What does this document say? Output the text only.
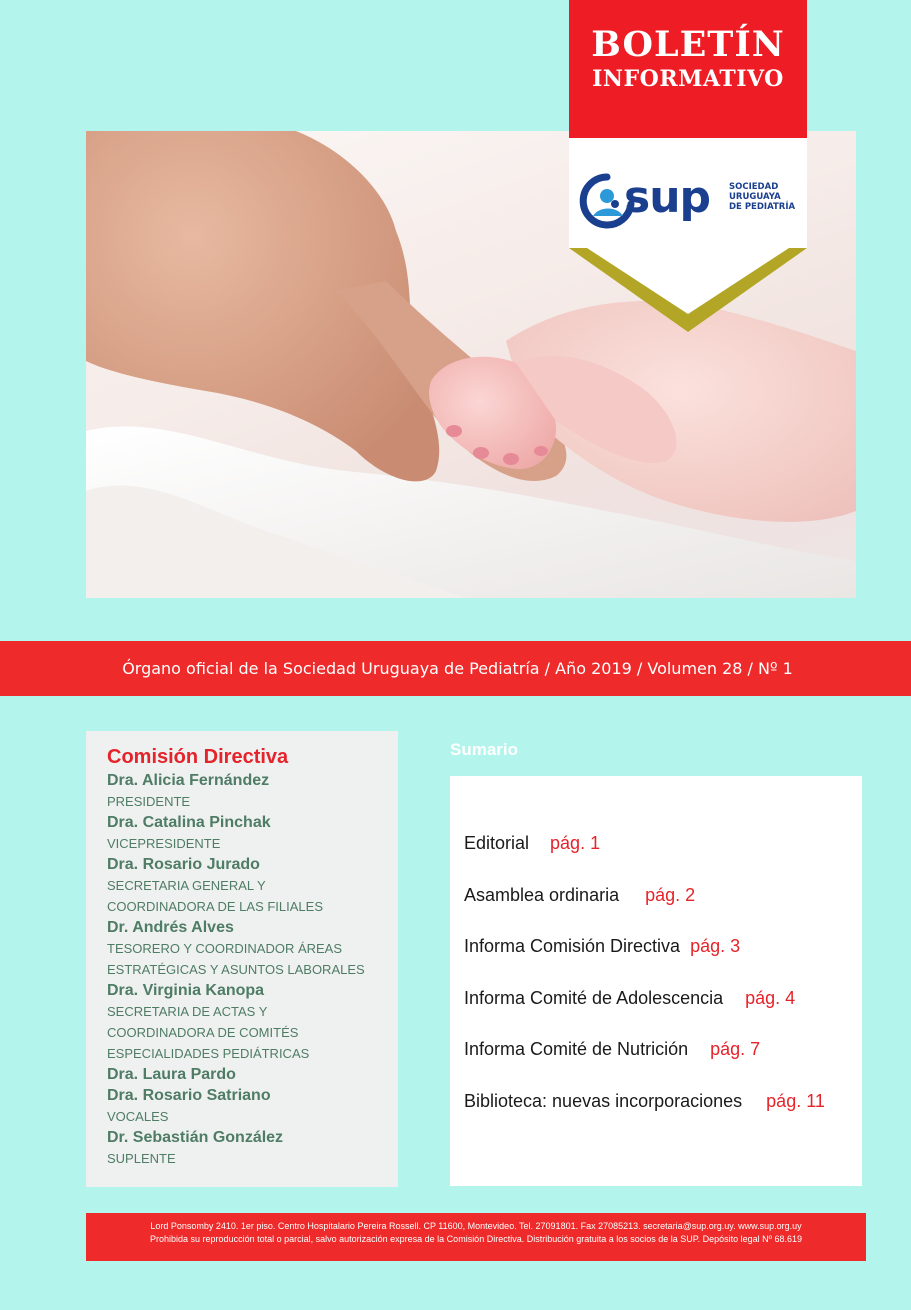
BOLETÍN
INFORMATIVO
sup SOCIEDAD
URUGUAYA
DE PEDIATRÍA
Órgano oficial de la Sociedad Uruguaya de Pediatría / Año 2019 / Volumen 28 / Nº 1
Comisión Directiva
Dra. Alicia Fernández
PRESIDENTE
Dra. Catalina Pinchak
VICEPRESIDENTE
Dra. Rosario Jurado
SECRETARIA GENERAL Y
COORDINADORA DE LAS FILIALES
Dr. Andrés Alves
TESORERO Y COORDINADOR ÁREAS
ESTRATÉGICAS Y ASUNTOS LABORALES
Dra. Virginia Kanopa
SECRETARIA DE ACTAS Y
COORDINADORA DE COMITÉS
ESPECIALIDADES PEDIÁTRICAS
Dra. Laura Pardo
Dra. Rosario Satriano
VOCALES
Dr. Sebastián González
SUPLENTE
Sumario
Editorial pág. 1
Asamblea ordinaria pág. 2
Informa Comisión Directiva pág. 3
Informa Comité de Adolescencia pág. 4
Informa Comité de Nutrición pág. 7
Biblioteca: nuevas incorporaciones pág. 11
Lord Ponsomby 2410. 1er piso. Centro Hospitalario Pereira Rossell. CP 11600, Montevideo. Tel. 27091801. Fax 27085213. secretaria@sup.org.uy. www.sup.org.uy
Prohibida su reproducción total o parcial, salvo autorización expresa de la Comisión Directiva. Distribución gratuita a los socios de la SUP. Depósito legal Nº 68.619
